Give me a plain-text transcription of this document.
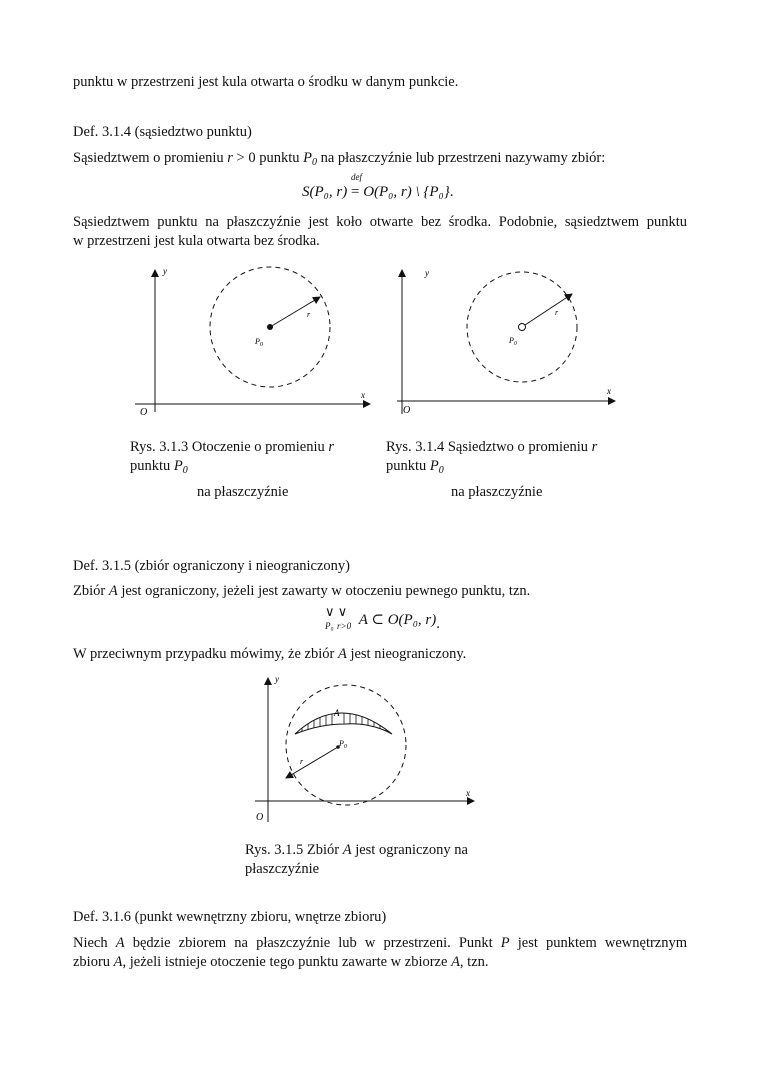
punktu w przestrzeni jest kula otwarta o środku w danym punkcie.
Def. 3.1.4 (sąsiedztwo punktu)
Sąsiedztwem o promieniu r > 0 punktu $P_0$ na płaszczyźnie lub przestrzeni nazywamy zbiór:
S(P₀, r)
def
= O(P₀, r) \ {P₀}.
Sąsiedztwem punktu na płaszczyźnie jest koło otwarte bez środka. Podobnie, sąsiedztwem punktu
w przestrzeni jest kula otwarta bez środka.
y
x
O
r
$P_0$
Rys. 3.1.3 Otoczenie o promieniu r
punktu $P_0$
na płaszczyźnie
y
x
O
r
$P_0$
Rys. 3.1.4 Sąsiedztwo o promieniu r
punktu $P_0$
na płaszczyźnie
Def. 3.1.5 (zbiór ograniczony i nieograniczony)
Zbiór A jest ograniczony, jeżeli jest zawarty w otoczeniu pewnego punktu, tzn.
∨ ∨
P₀ r>0 A ⊂ O(P₀, r).
W przeciwnym przypadku mówimy, że zbiór A jest nieograniczony.
y
x
O
A
r
$P_0$
Rys. 3.1.5 Zbiór A jest ograniczony na
płaszczyźnie
Def. 3.1.6 (punkt wewnętrzny zbioru, wnętrze zbioru)
Niech A będzie zbiorem na płaszczyźnie lub w przestrzeni. Punkt P jest punktem wewnętrznym
zbioru A, jeżeli istnieje otoczenie tego punktu zawarte w zbiorze A, tzn.
